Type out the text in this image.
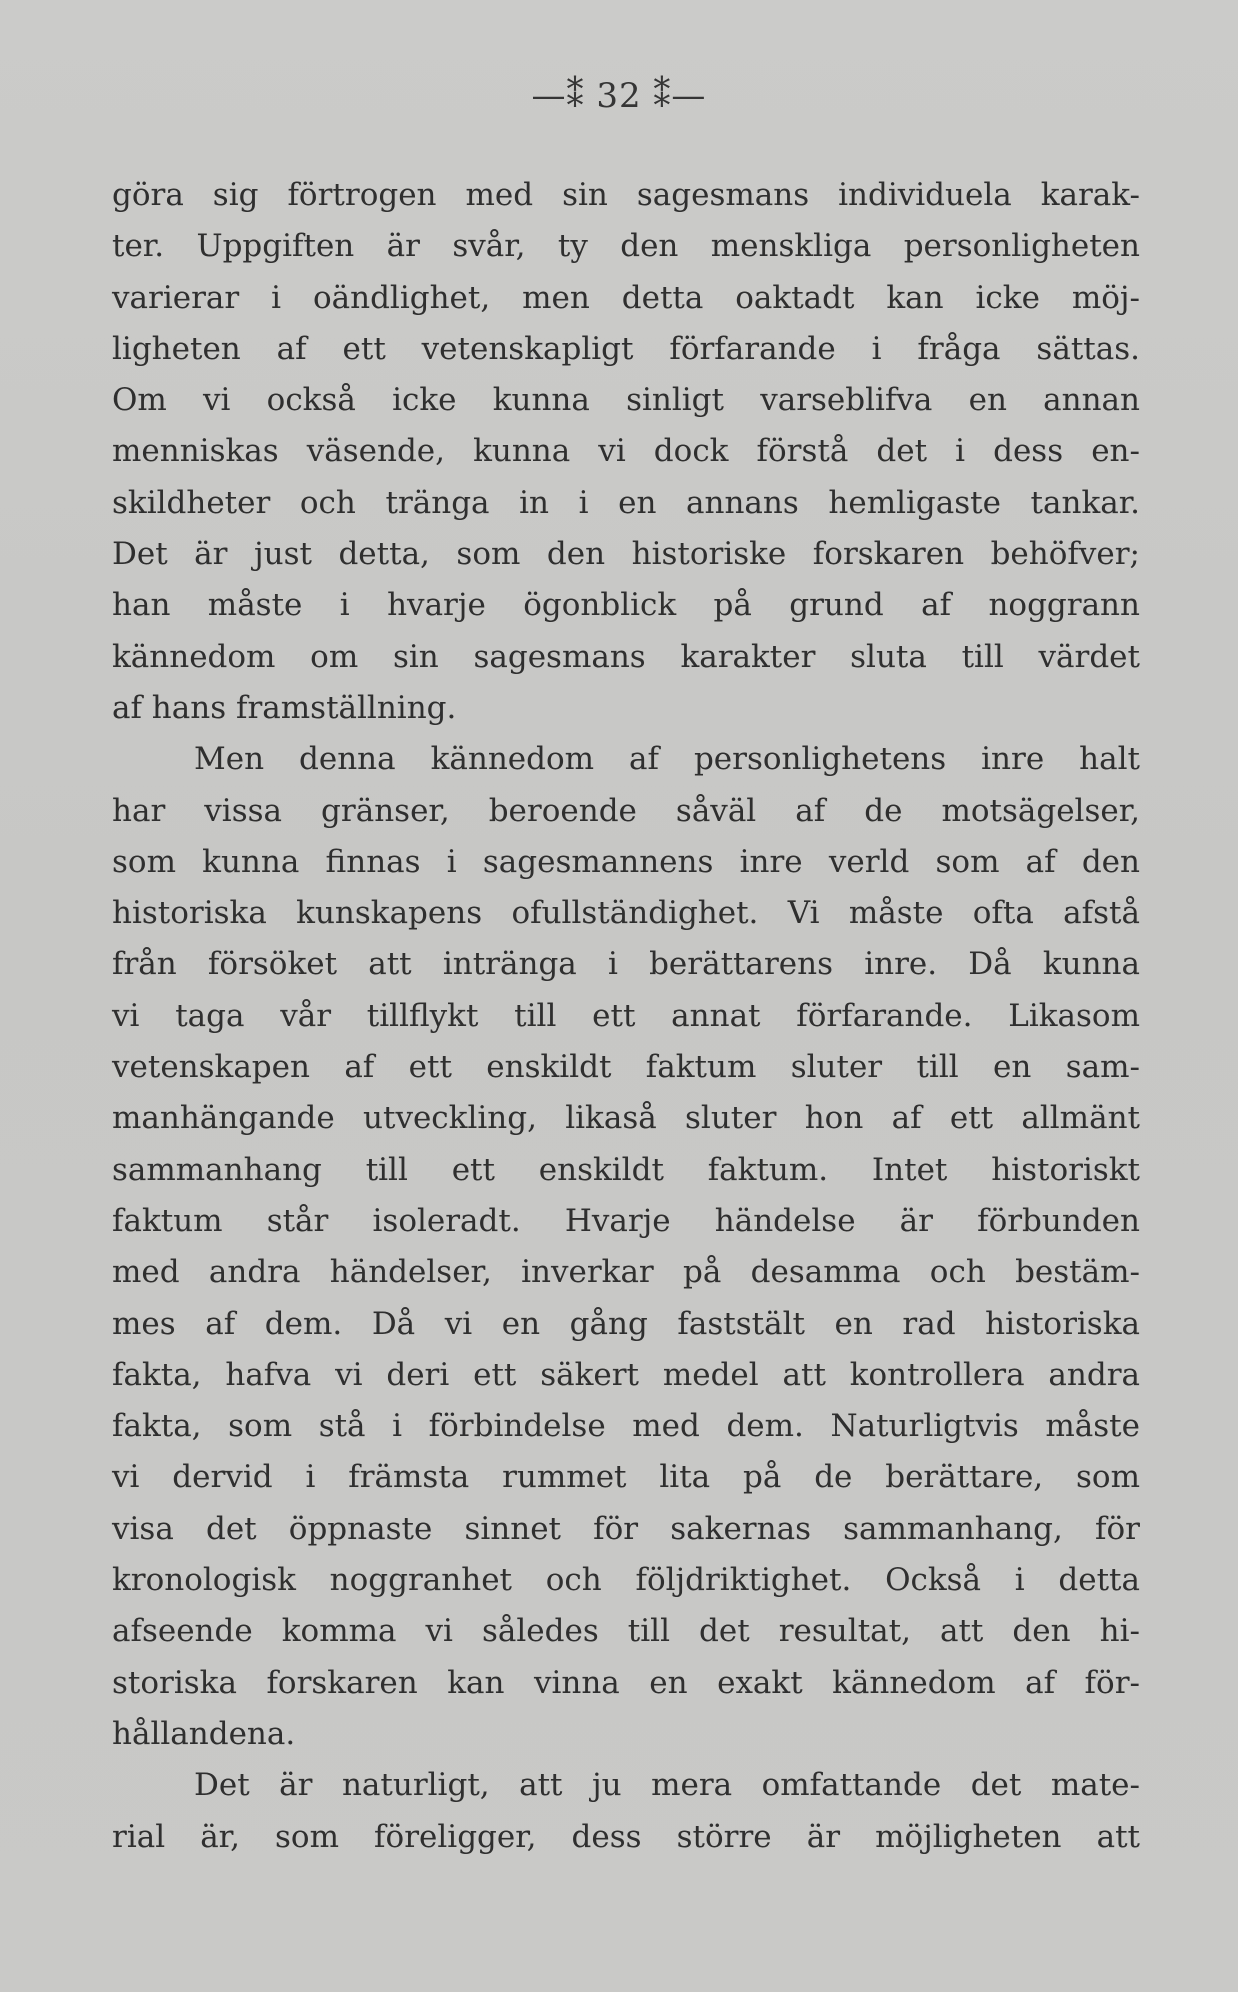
—⁑ 32 ⁑—
göra sig förtrogen med sin sagesmans individuela karak-
ter. Uppgiften är svår, ty den menskliga personligheten
varierar i oändlighet, men detta oaktadt kan icke möj-
ligheten af ett vetenskapligt förfarande i fråga sättas.
Om vi också icke kunna sinligt varseblifva en annan
menniskas väsende, kunna vi dock förstå det i dess en-
skildheter och tränga in i en annans hemligaste tankar.
Det är just detta, som den historiske forskaren behöfver;
han måste i hvarje ögonblick på grund af noggrann
kännedom om sin sagesmans karakter sluta till värdet
af hans framställning.
Men denna kännedom af personlighetens inre halt
har vissa gränser, beroende såväl af de motsägelser,
som kunna finnas i sagesmannens inre verld som af den
historiska kunskapens ofullständighet. Vi måste ofta afstå
från försöket att intränga i berättarens inre. Då kunna
vi taga vår tillflykt till ett annat förfarande. Likasom
vetenskapen af ett enskildt faktum sluter till en sam-
manhängande utveckling, likaså sluter hon af ett allmänt
sammanhang till ett enskildt faktum. Intet historiskt
faktum står isoleradt. Hvarje händelse är förbunden
med andra händelser, inverkar på desamma och bestäm-
mes af dem. Då vi en gång faststält en rad historiska
fakta, hafva vi deri ett säkert medel att kontrollera andra
fakta, som stå i förbindelse med dem. Naturligtvis måste
vi dervid i främsta rummet lita på de berättare, som
visa det öppnaste sinnet för sakernas sammanhang, för
kronologisk noggranhet och följdriktighet. Också i detta
afseende komma vi således till det resultat, att den hi-
storiska forskaren kan vinna en exakt kännedom af för-
hållandena.
Det är naturligt, att ju mera omfattande det mate-
rial är, som föreligger, dess större är möjligheten att
